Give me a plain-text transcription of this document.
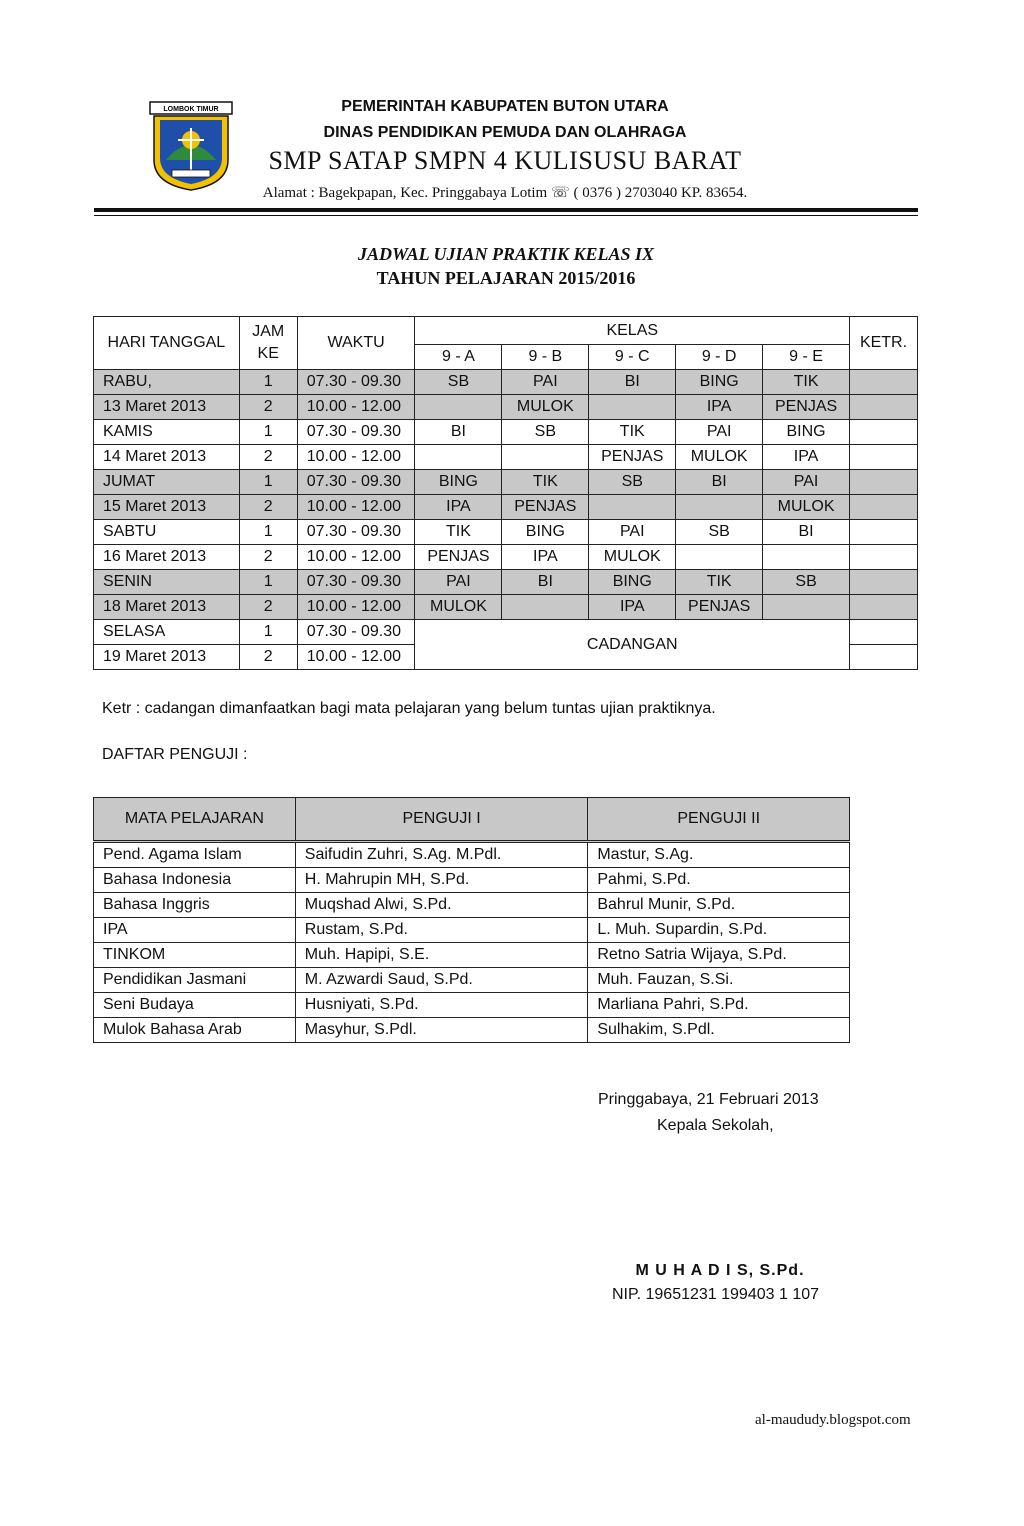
LOMBOK TIMUR	PEMERINTAH KABUPATEN BUTON UTARA
DINAS PENDIDIKAN PEMUDA DAN OLAHRAGA
SMP SATAP SMPN 4 KULISUSU BARAT
Alamat : Bagekpapan, Kec. Pringgabaya Lotim ☏ ( 0376 ) 2703040 KP. 83654.
JADWAL UJIAN PRAKTIK KELAS IX
TAHUN PELAJARAN 2015/2016
HARI TANGGAL	JAM KE	WAKTU	KELAS					KETR.
			9 - A	9 - B	9 - C	9 - D	9 - E	
RABU,	1	07.30 - 09.30	SB	PAI	BI	BING	TIK	
13 Maret 2013	2	10.00 - 12.00		MULOK		IPA	PENJAS	
KAMIS	1	07.30 - 09.30	BI	SB	TIK	PAI	BING	
14 Maret 2013	2	10.00 - 12.00			PENJAS	MULOK	IPA	
JUMAT	1	07.30 - 09.30	BING	TIK	SB	BI	PAI	
15 Maret 2013	2	10.00 - 12.00	IPA	PENJAS			MULOK	
SABTU	1	07.30 - 09.30	TIK	BING	PAI	SB	BI	
16 Maret 2013	2	10.00 - 12.00	PENJAS	IPA	MULOK			
SENIN	1	07.30 - 09.30	PAI	BI	BING	TIK	SB	
18 Maret 2013	2	10.00 - 12.00	MULOK		IPA	PENJAS		
SELASA	1	07.30 - 09.30	CADANGAN					
19 Maret 2013	2	10.00 - 12.00						
Ketr : cadangan dimanfaatkan bagi mata pelajaran yang belum tuntas ujian praktiknya.
DAFTAR PENGUJI :
MATA PELAJARAN	PENGUJI I	PENGUJI II
Pend. Agama Islam	Saifudin Zuhri, S.Ag. M.Pdl.	Mastur, S.Ag.
Bahasa Indonesia	H. Mahrupin MH, S.Pd.	Pahmi, S.Pd.
Bahasa Inggris	Muqshad Alwi, S.Pd.	Bahrul Munir, S.Pd.
IPA	Rustam, S.Pd.	L. Muh. Supardin, S.Pd.
TINKOM	Muh. Hapipi, S.E.	Retno Satria Wijaya, S.Pd.
Pendidikan Jasmani	M. Azwardi Saud, S.Pd.	Muh. Fauzan, S.Si.
Seni Budaya	Husniyati, S.Pd.	Marliana Pahri, S.Pd.
Mulok Bahasa Arab	Masyhur, S.Pdl.	Sulhakim, S.Pdl.
Pringgabaya, 21 Februari 2013
Kepala Sekolah,
M U H A D I S, S.Pd.
NIP. 19651231 199403 1 107
al-maududy.blogspot.com
